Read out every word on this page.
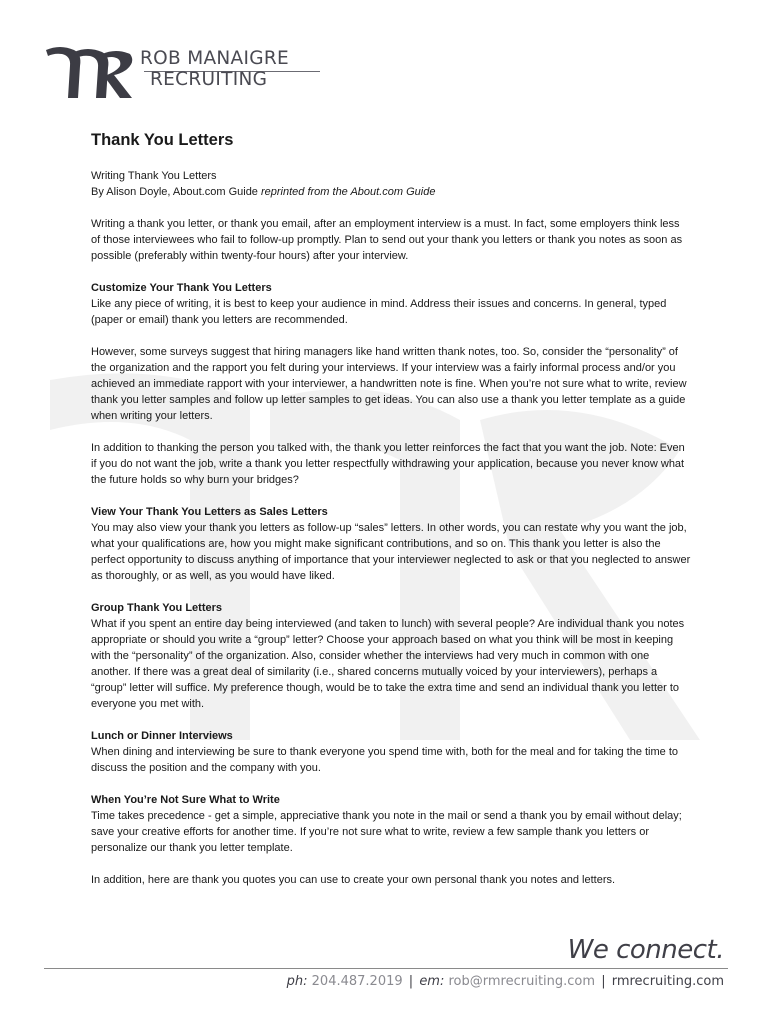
ROB MANAIGRE
RECRUITING
Thank You Letters

Writing Thank You Letters
By Alison Doyle, About.com Guide reprinted from the About.com Guide

Writing a thank you letter, or thank you email, after an employment interview is a must. In fact, some employers think less of those interviewees who fail to follow-up promptly. Plan to send out your thank you letters or thank you notes as soon as possible (preferably within twenty-four hours) after your interview.

Customize Your Thank You Letters
Like any piece of writing, it is best to keep your audience in mind. Address their issues and concerns. In general, typed (paper or email) thank you letters are recommended.

However, some surveys suggest that hiring managers like hand written thank notes, too. So, consider the “personality” of the organization and the rapport you felt during your interviews. If your interview was a fairly informal process and/or you achieved an immediate rapport with your interviewer, a handwritten note is fine. When you’re not sure what to write, review thank you letter samples and follow up letter samples to get ideas. You can also use a thank you letter template as a guide when writing your letters.

In addition to thanking the person you talked with, the thank you letter reinforces the fact that you want the job. Note: Even if you do not want the job, write a thank you letter respectfully withdrawing your application, because you never know what the future holds so why burn your bridges?

View Your Thank You Letters as Sales Letters
You may also view your thank you letters as follow-up “sales” letters. In other words, you can restate why you want the job, what your qualifications are, how you might make significant contributions, and so on. This thank you letter is also the perfect opportunity to discuss anything of importance that your interviewer neglected to ask or that you neglected to answer as thoroughly, or as well, as you would have liked.

Group Thank You Letters
What if you spent an entire day being interviewed (and taken to lunch) with several people? Are individual thank you notes appropriate or should you write a “group” letter? Choose your approach based on what you think will be most in keeping with the “personality” of the organization. Also, consider whether the interviews had very much in common with one another. If there was a great deal of similarity (i.e., shared concerns mutually voiced by your interviewers), perhaps a “group” letter will suffice. My preference though, would be to take the extra time and send an individual thank you letter to everyone you met with.

Lunch or Dinner Interviews
When dining and interviewing be sure to thank everyone you spend time with, both for the meal and for taking the time to discuss the position and the company with you.

When You’re Not Sure What to Write
Time takes precedence - get a simple, appreciative thank you note in the mail or send a thank you by email without delay; save your creative efforts for another time. If you’re not sure what to write, review a few sample thank you letters or personalize our thank you letter template.

In addition, here are thank you quotes you can use to create your own personal thank you notes and letters.

We connect.
ph: 204.487.2019 | em: rob@rmrecruiting.com | rmrecruiting.com
